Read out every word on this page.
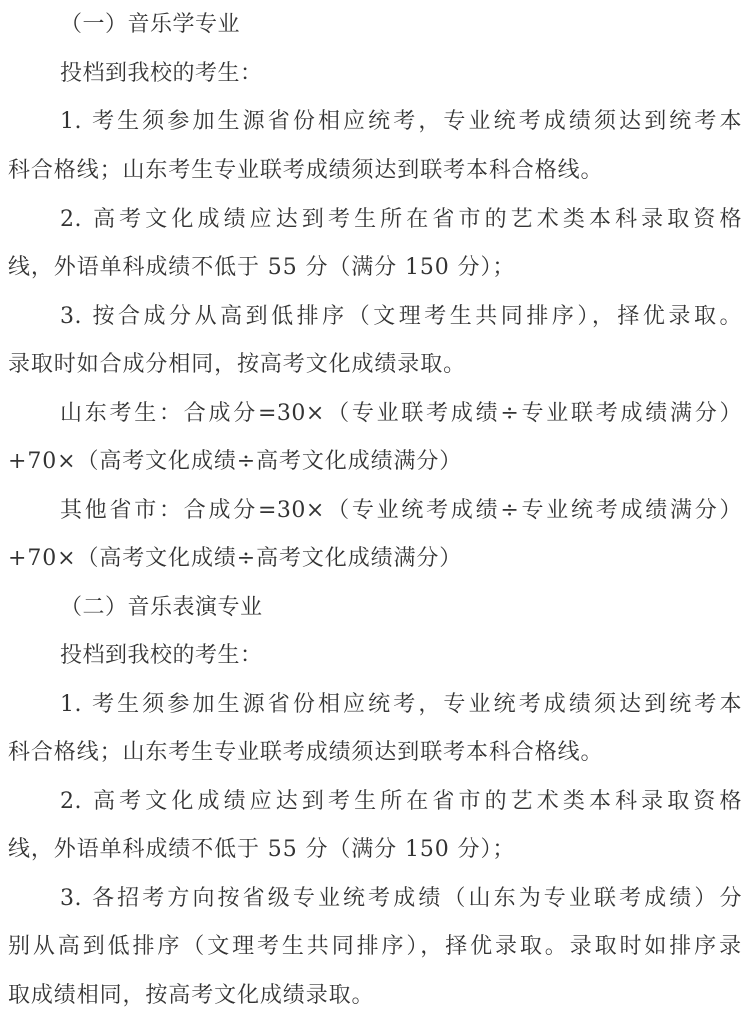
（一）音乐学专业
投档到我校的考生：
1. 考生须参加生源省份相应统考，专业统考成绩须达到统考本
科合格线；山东考生专业联考成绩须达到联考本科合格线。
2. 高考文化成绩应达到考生所在省市的艺术类本科录取资格
线，外语单科成绩不低于 55 分（满分 150 分）；
3. 按合成分从高到低排序（文理考生共同排序），择优录取。
录取时如合成分相同，按高考文化成绩录取。
山东考生：合成分=30×（专业联考成绩÷专业联考成绩满分）
+70×（高考文化成绩÷高考文化成绩满分）
其他省市：合成分=30×（专业统考成绩÷专业统考成绩满分）
+70×（高考文化成绩÷高考文化成绩满分）
（二）音乐表演专业
投档到我校的考生：
1. 考生须参加生源省份相应统考，专业统考成绩须达到统考本
科合格线；山东考生专业联考成绩须达到联考本科合格线。
2. 高考文化成绩应达到考生所在省市的艺术类本科录取资格
线，外语单科成绩不低于 55 分（满分 150 分）；
3. 各招考方向按省级专业统考成绩（山东为专业联考成绩）分
别从高到低排序（文理考生共同排序），择优录取。录取时如排序录
取成绩相同，按高考文化成绩录取。
